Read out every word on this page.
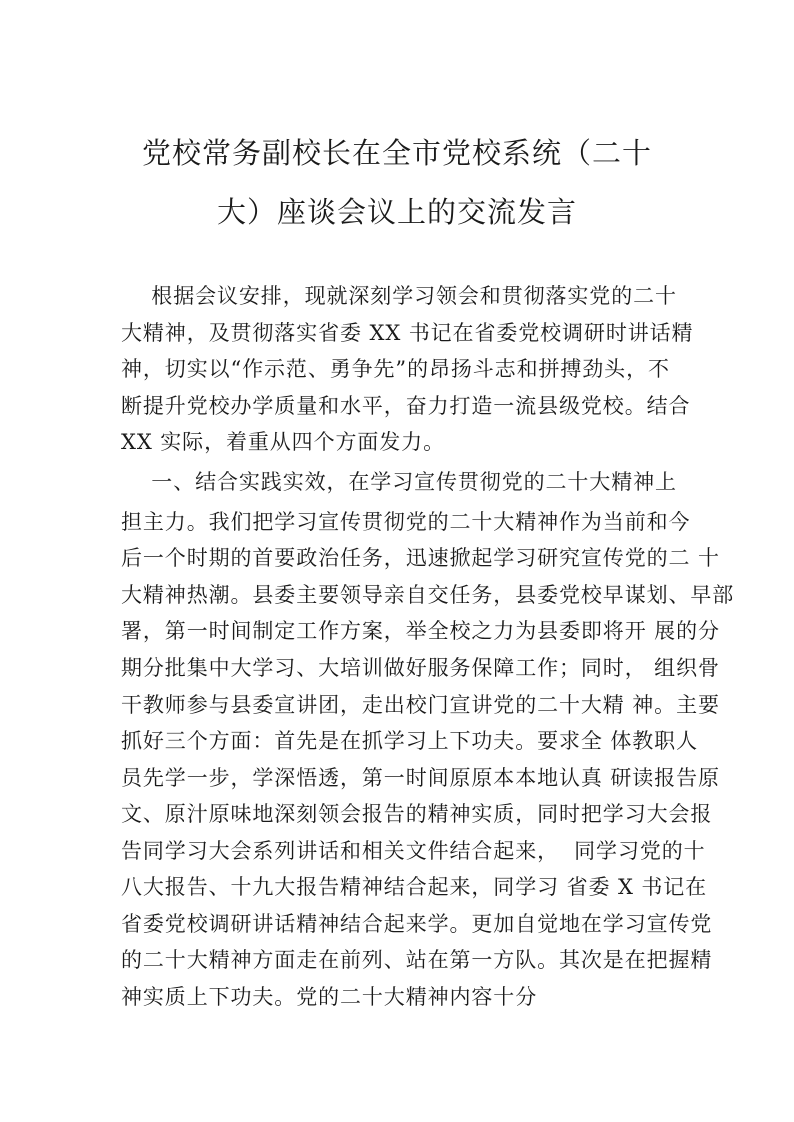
党校常务副校长在全市党校系统（二十
大）座谈会议上的交流发言
根据会议安排，现就深刻学习领会和贯彻落实党的二十
大精神，及贯彻落实省委 XX 书记在省委党校调研时讲话精
神，切实以“作示范、勇争先”的昂扬斗志和拼搏劲头，不
断提升党校办学质量和水平，奋力打造一流县级党校。结合
XX 实际，着重从四个方面发力。
一、结合实践实效，在学习宣传贯彻党的二十大精神上
担主力。我们把学习宣传贯彻党的二十大精神作为当前和今
后一个时期的首要政治任务，迅速掀起学习研究宣传党的二 十
大精神热潮。县委主要领导亲自交任务，县委党校早谋划、早部
署，第一时间制定工作方案，举全校之力为县委即将开 展的分
期分批集中大学习、大培训做好服务保障工作；同时， 组织骨
干教师参与县委宣讲团，走出校门宣讲党的二十大精 神。主要
抓好三个方面：首先是在抓学习上下功夫。要求全 体教职人
员先学一步，学深悟透，第一时间原原本本地认真 研读报告原
文、原汁原味地深刻领会报告的精神实质，同时把学习大会报
告同学习大会系列讲话和相关文件结合起来，  同学习党的十
八大报告、十九大报告精神结合起来，同学习 省委 X 书记在
省委党校调研讲话精神结合起来学。更加自觉地在学习宣传党
的二十大精神方面走在前列、站在第一方队。其次是在把握精
神实质上下功夫。党的二十大精神内容十分
